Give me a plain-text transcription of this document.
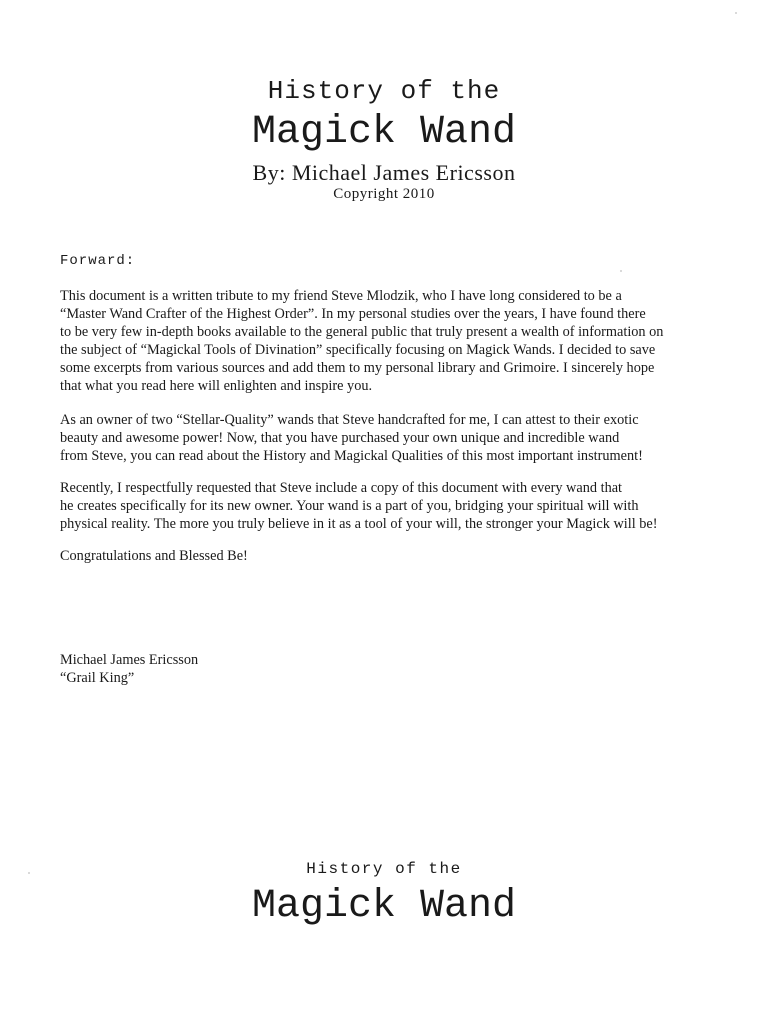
History of the
Magick Wand
By: Michael James Ericsson
Copyright 2010
Forward:
This document is a written tribute to my friend Steve Mlodzik, who I have long considered to be a
“Master Wand Crafter of the Highest Order”. In my personal studies over the years, I have found there
to be very few in-depth books available to the general public that truly present a wealth of information on
the subject of “Magickal Tools of Divination” specifically focusing on Magick Wands. I decided to save
some excerpts from various sources and add them to my personal library and Grimoire. I sincerely hope
that what you read here will enlighten and inspire you.
As an owner of two “Stellar-Quality” wands that Steve handcrafted for me, I can attest to their exotic
beauty and awesome power! Now, that you have purchased your own unique and incredible wand
from Steve, you can read about the History and Magickal Qualities of this most important instrument!
Recently, I respectfully requested that Steve include a copy of this document with every wand that
he creates specifically for its new owner. Your wand is a part of you, bridging your spiritual will with
physical reality. The more you truly believe in it as a tool of your will, the stronger your Magick will be!
Congratulations and Blessed Be!
Michael James Ericsson
“Grail King”
History of the
Magick Wand
